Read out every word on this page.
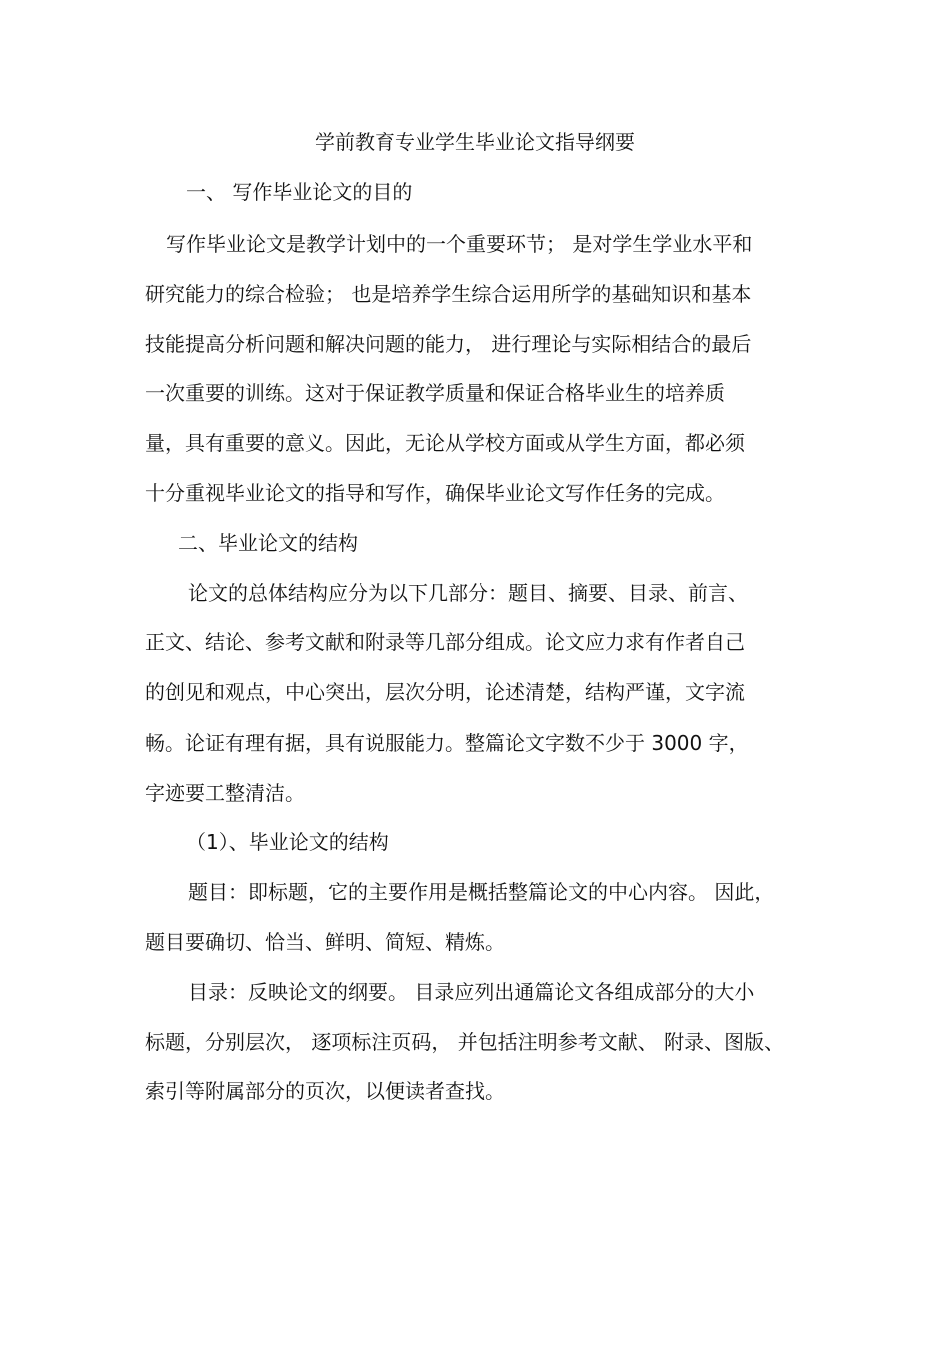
学前教育专业学生毕业论文指导纲要
一、 写作毕业论文的目的
写作毕业论文是教学计划中的一个重要环节； 是对学生学业水平和
研究能力的综合检验； 也是培养学生综合运用所学的基础知识和基本
技能提高分析问题和解决问题的能力， 进行理论与实际相结合的最后
一次重要的训练。这对于保证教学质量和保证合格毕业生的培养质
量，具有重要的意义。因此，无论从学校方面或从学生方面，都必须
十分重视毕业论文的指导和写作，确保毕业论文写作任务的完成。
二、毕业论文的结构
论文的总体结构应分为以下几部分：题目、摘要、目录、前言、
正文、结论、参考文献和附录等几部分组成。论文应力求有作者自己
的创见和观点，中心突出，层次分明，论述清楚，结构严谨，文字流
畅。论证有理有据，具有说服能力。整篇论文字数不少于 3000 字，
字迹要工整清洁。
（1）、毕业论文的结构
题目：即标题，它的主要作用是概括整篇论文的中心内容。 因此，
题目要确切、恰当、鲜明、简短、精炼。
目录：反映论文的纲要。 目录应列出通篇论文各组成部分的大小
标题，分别层次， 逐项标注页码， 并包括注明参考文献、 附录、图版、
索引等附属部分的页次，以便读者查找。
